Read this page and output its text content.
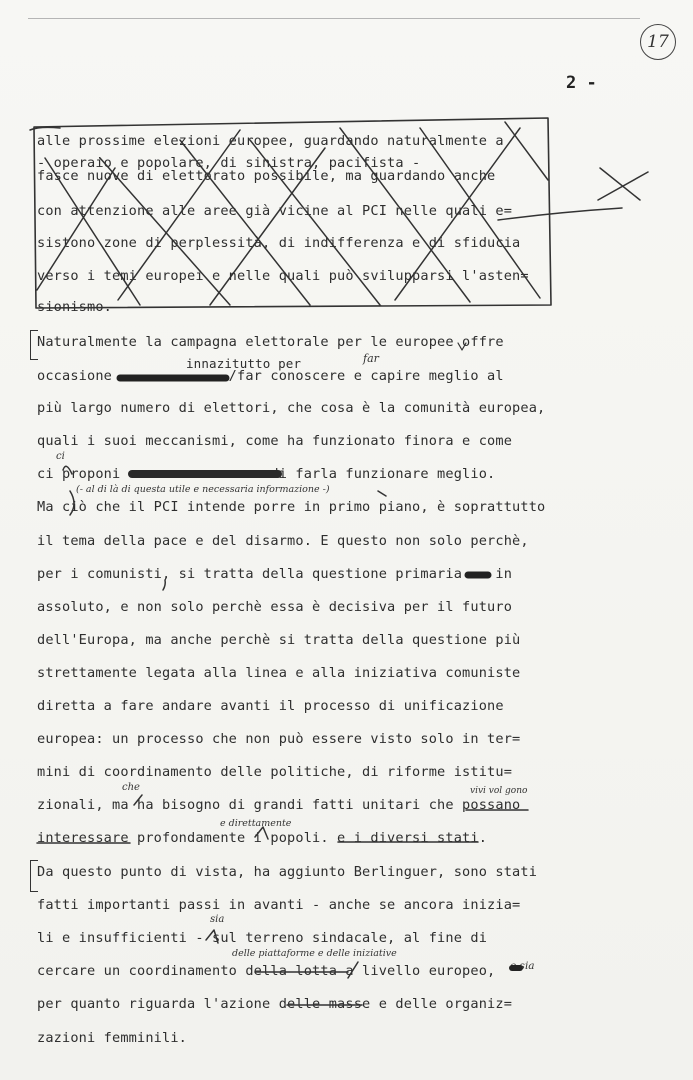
17
2 -
alle prossime elezioni europee, guardando naturalmente a
- operaio e popolare, di sinistra, pacifista -
fasce nuove di elettorato possibile, ma guardando anche
con attenzione alle aree già vicine al PCI nelle quali e=
sistono zone di perplessità, di indifferenza e di sfiducia
verso i temi europei e nelle quali può svilupparsi l'asten=
sionismo.
Naturalmente la campagna elettorale per le europee offre
occasione              /far conoscere e capire meglio al
più largo numero di elettori, che cosa è la comunità europea,
quali i suoi meccanismi, come ha funzionato finora e come
ci proponi                  di farla funzionare meglio.
Ma ciò che il PCI intende porre in primo piano, è soprattutto
il tema della pace e del disarmo. E questo non solo perchè,
per i comunisti, si tratta della questione primaria    in
assoluto, e non solo perchè essa è decisiva per il futuro
dell'Europa, ma anche perchè si tratta della questione più
strettamente legata alla linea e alla iniziativa comuniste
diretta a fare andare avanti il processo di unificazione
europea: un processo che non può essere visto solo in ter=
mini di coordinamento delle politiche, di riforme istitu=
zionali, ma ha bisogno di grandi fatti unitari che possano
interessare profondamente i popoli. e i diversi stati.
Da questo punto di vista, ha aggiunto Berlinguer, sono stati
fatti importanti passi in avanti - anche se ancora inizia=
li e insufficienti - sul terreno sindacale, al fine di
cercare un coordinamento della lotta a livello europeo,
per quanto riguarda l'azione delle masse e delle organiz=
zazioni femminili.
innazitutto per	far
ci
(- al di là di questa utile e necessaria informazione -)
che	vivi vol gono
e direttamente
sia
delle piattaforme e delle iniziative
e sia
